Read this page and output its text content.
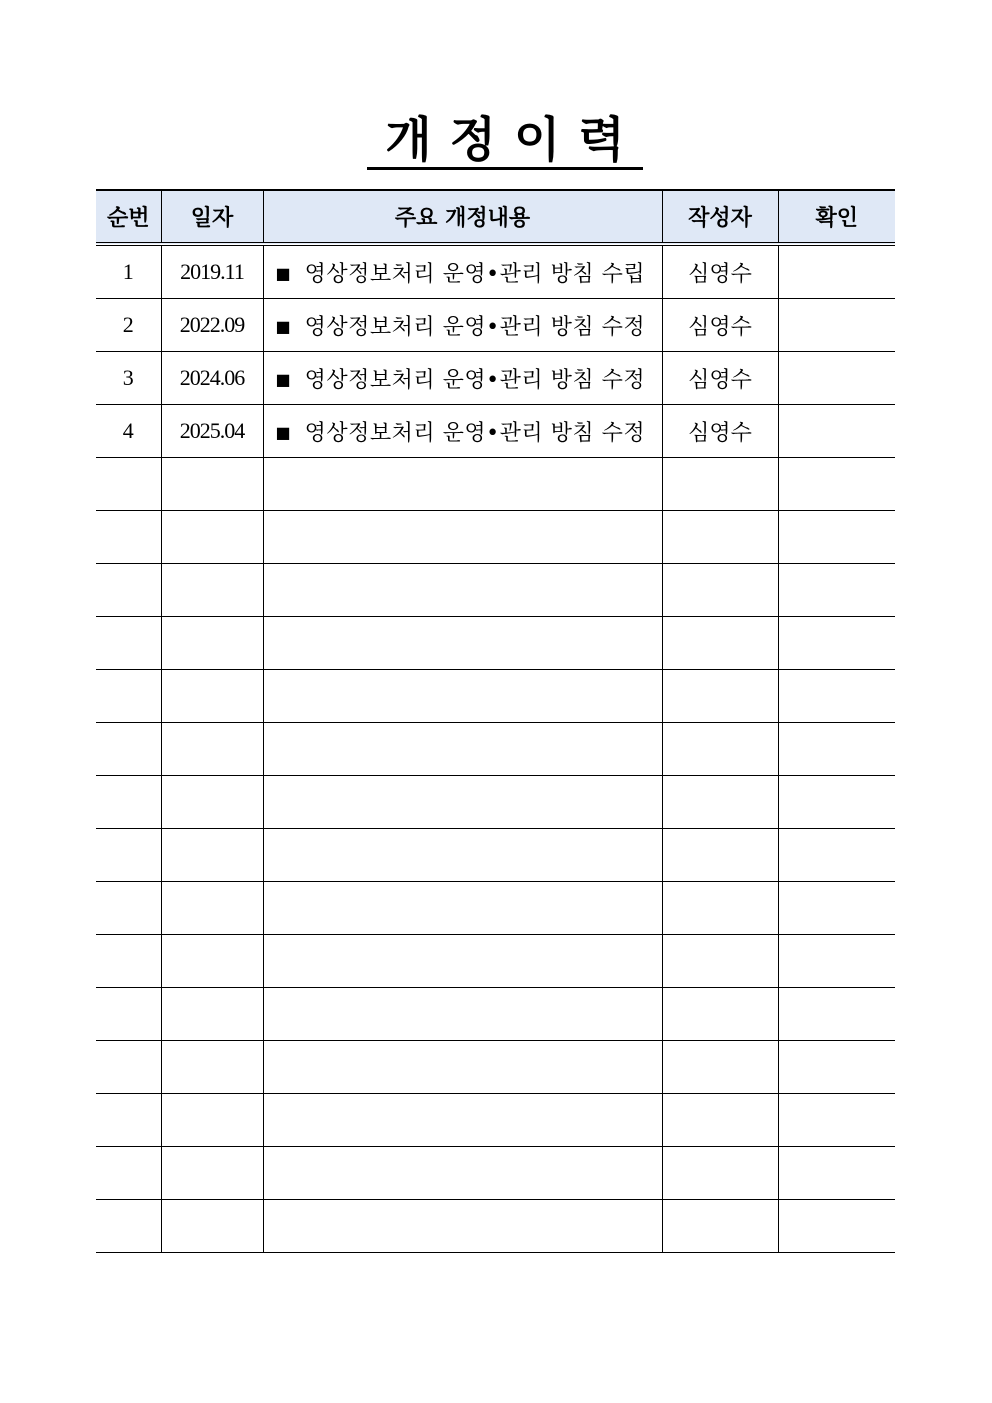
개정이력
순번	일자	주요 개정내용	작성자	확인
1	2019.11	■ 영상정보처리 운영•관리 방침 수립	심영수	
2	2022.09	■ 영상정보처리 운영•관리 방침 수정	심영수	
3	2024.06	■ 영상정보처리 운영•관리 방침 수정	심영수	
4	2025.04	■ 영상정보처리 운영•관리 방침 수정	심영수	
